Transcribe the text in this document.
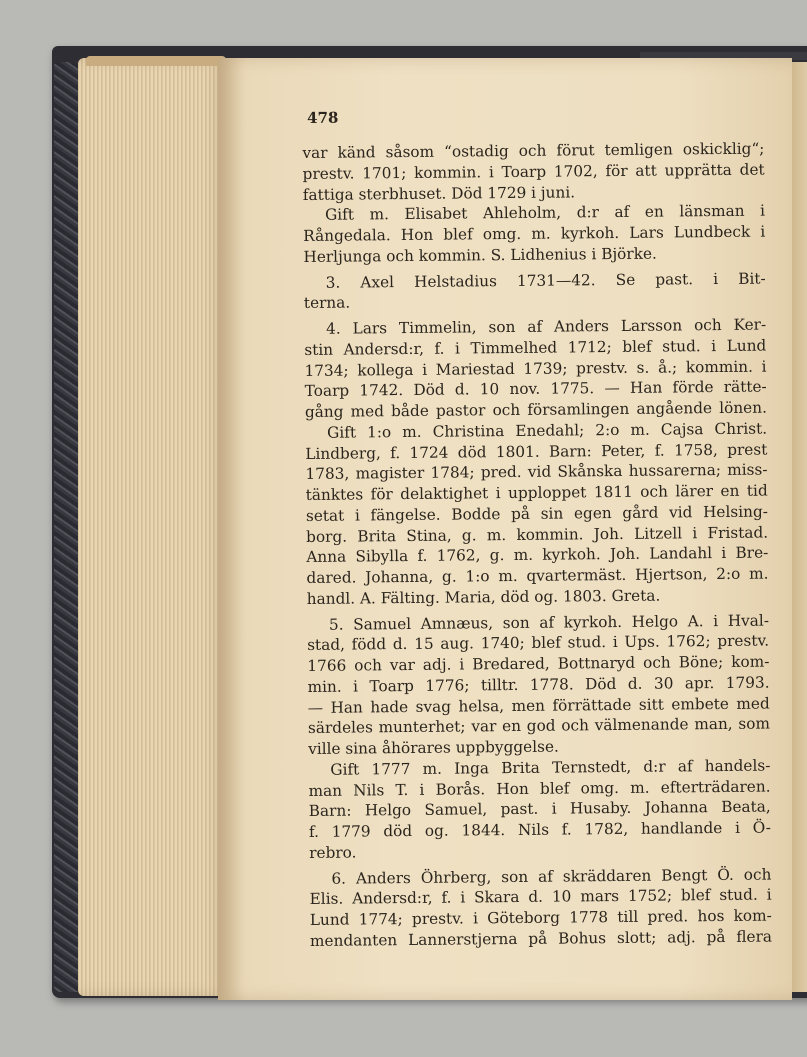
478
var känd såsom “ostadig och förut temligen oskicklig“;
prestv. 1701; kommin. i Toarp 1702, för att upprätta det
fattiga sterbhuset. Död 1729 i juni.
Gift m. Elisabet Ahleholm, d:r af en länsman i
Rångedala. Hon blef omg. m. kyrkoh. Lars Lundbeck i
Herljunga och kommin. S. Lidhenius i Björke.
3. Axel Helstadius 1731—42. Se past. i Bit-
terna.
4. Lars Timmelin, son af Anders Larsson och Ker-
stin Andersd:r, f. i Timmelhed 1712; blef stud. i Lund
1734; kollega i Mariestad 1739; prestv. s. å.; kommin. i
Toarp 1742. Död d. 10 nov. 1775. — Han förde rätte-
gång med både pastor och församlingen angående lönen.
Gift 1:o m. Christina Enedahl; 2:o m. Cajsa Christ.
Lindberg, f. 1724 död 1801. Barn: Peter, f. 1758, prest
1783, magister 1784; pred. vid Skånska hussarerna; miss-
tänktes för delaktighet i upploppet 1811 och lärer en tid
setat i fängelse. Bodde på sin egen gård vid Helsing-
borg. Brita Stina, g. m. kommin. Joh. Litzell i Fristad.
Anna Sibylla f. 1762, g. m. kyrkoh. Joh. Landahl i Bre-
dared. Johanna, g. 1:o m. qvartermäst. Hjertson, 2:o m.
handl. A. Fälting. Maria, död og. 1803. Greta.
5. Samuel Amnæus, son af kyrkoh. Helgo A. i Hval-
stad, född d. 15 aug. 1740; blef stud. i Ups. 1762; prestv.
1766 och var adj. i Bredared, Bottnaryd och Böne; kom-
min. i Toarp 1776; tilltr. 1778. Död d. 30 apr. 1793.
— Han hade svag helsa, men förrättade sitt embete med
särdeles munterhet; var en god och välmenande man, som
ville sina åhörares uppbyggelse.
Gift 1777 m. Inga Brita Ternstedt, d:r af handels-
man Nils T. i Borås. Hon blef omg. m. efterträdaren.
Barn: Helgo Samuel, past. i Husaby. Johanna Beata,
f. 1779 död og. 1844. Nils f. 1782, handlande i Ö-
rebro.
6. Anders Öhrberg, son af skräddaren Bengt Ö. och
Elis. Andersd:r, f. i Skara d. 10 mars 1752; blef stud. i
Lund 1774; prestv. i Göteborg 1778 till pred. hos kom-
mendanten Lannerstjerna på Bohus slott; adj. på flera
